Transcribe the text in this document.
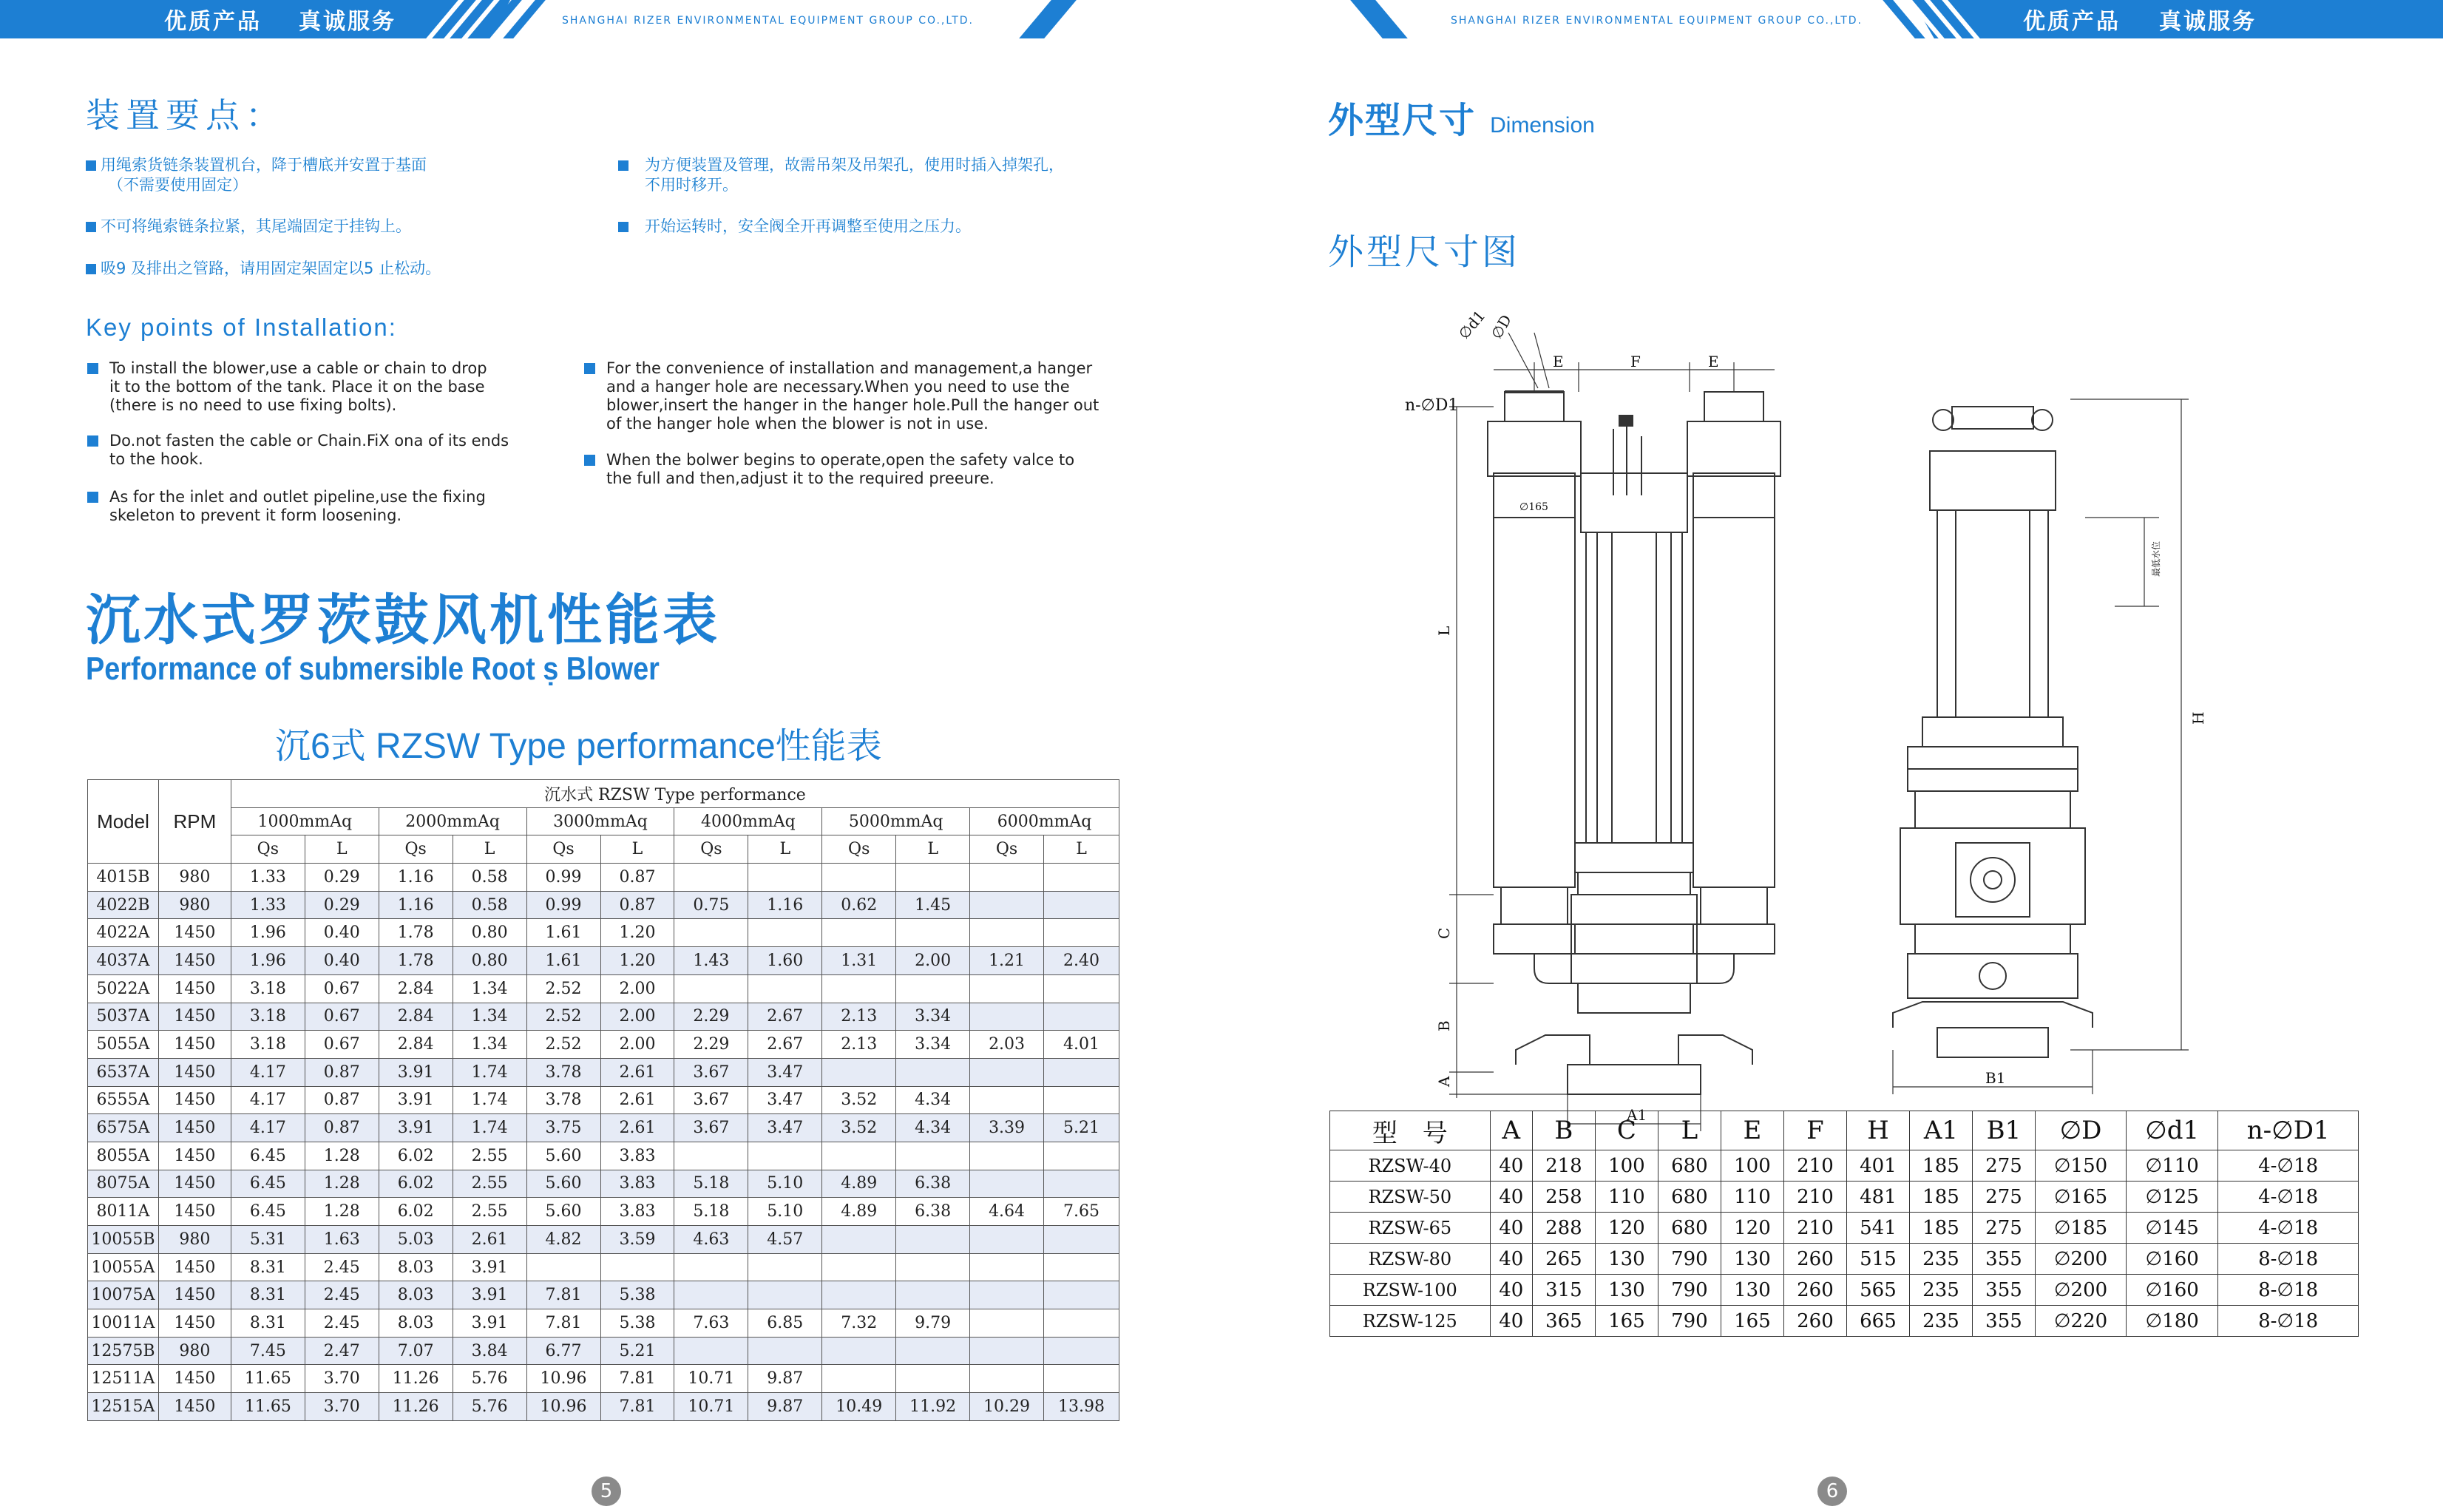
优质产品 真诚服务	SHANGHAI RIZER ENVIRONMENTAL EQUIPMENT GROUP CO.,LTD.	SHANGHAI RIZER ENVIRONMENTAL EQUIPMENT GROUP CO.,LTD.	优质产品 真诚服务
装置要点：
用绳索货链条装置机台，降于槽底并安置于基面
（不需要使用固定）
不可将绳索链条拉紧，其尾端固定于挂钩上。
吸9 及排出之管路，请用固定架固定以5 止松动。
为方便装置及管理，故需吊架及吊架孔，使用时插入掉架孔，
不用时移开。
开始运转时，安全阀全开再调整至使用之压力。
Key points of Installation:
To install the blower,use a cable or chain to drop
it to the bottom of the tank. Place it on the base
(there is no need to use fixing bolts).
Do.not fasten the cable or Chain.FiX ona of its ends
to the hook.
As for the inlet and outlet pipeline,use the fixing
skeleton to prevent it form loosening.
For the convenience of installation and management,a hanger
and a hanger hole are necessary.When you need to use the
blower,insert the hanger in the hanger hole.Pull the hanger out
of the hanger hole when the blower is not in use.
When the bolwer begins to operate,open the safety valce to
the full and then,adjust it to the required preeure.
沉水式罗茨鼓风机性能表
Performance of submersible Root ṣ Blower
沉6式 RZSW Type performance性能表
Model	RPM	沉水式 RZSW Type performance											
		1000mmAq		2000mmAq		3000mmAq		4000mmAq		5000mmAq		6000mmAq	
		Qs	L	Qs	L	Qs	L	Qs	L	Qs	L	Qs	L
4015B	980	1.33	0.29	1.16	0.58	0.99	0.87						
4022B	980	1.33	0.29	1.16	0.58	0.99	0.87	0.75	1.16	0.62	1.45		
4022A	1450	1.96	0.40	1.78	0.80	1.61	1.20						
4037A	1450	1.96	0.40	1.78	0.80	1.61	1.20	1.43	1.60	1.31	2.00	1.21	2.40
5022A	1450	3.18	0.67	2.84	1.34	2.52	2.00						
5037A	1450	3.18	0.67	2.84	1.34	2.52	2.00	2.29	2.67	2.13	3.34		
5055A	1450	3.18	0.67	2.84	1.34	2.52	2.00	2.29	2.67	2.13	3.34	2.03	4.01
6537A	1450	4.17	0.87	3.91	1.74	3.78	2.61	3.67	3.47				
6555A	1450	4.17	0.87	3.91	1.74	3.78	2.61	3.67	3.47	3.52	4.34		
6575A	1450	4.17	0.87	3.91	1.74	3.75	2.61	3.67	3.47	3.52	4.34	3.39	5.21
8055A	1450	6.45	1.28	6.02	2.55	5.60	3.83						
8075A	1450	6.45	1.28	6.02	2.55	5.60	3.83	5.18	5.10	4.89	6.38		
8011A	1450	6.45	1.28	6.02	2.55	5.60	3.83	5.18	5.10	4.89	6.38	4.64	7.65
10055B	980	5.31	1.63	5.03	2.61	4.82	3.59	4.63	4.57				
10055A	1450	8.31	2.45	8.03	3.91								
10075A	1450	8.31	2.45	8.03	3.91	7.81	5.38						
10011A	1450	8.31	2.45	8.03	3.91	7.81	5.38	7.63	6.85	7.32	9.79		
12575B	980	7.45	2.47	7.07	3.84	6.77	5.21						
12511A	1450	11.65	3.70	11.26	5.76	10.96	7.81	10.71	9.87				
12515A	1450	11.65	3.70	11.26	5.76	10.96	7.81	10.71	9.87	10.49	11.92	10.29	13.98
5
外型尺寸 Dimension
外型尺寸图
∅d1
∅D
E	F	E
n-∅D1
∅165
L
C
B
A
A1
B1
H
最低水位
型　号	A	B	C	L	E	F	H	A1	B1	∅D	∅d1	n-∅D1
RZSW-40	40	218	100	680	100	210	401	185	275	∅150	∅110	4-∅18
RZSW-50	40	258	110	680	110	210	481	185	275	∅165	∅125	4-∅18
RZSW-65	40	288	120	680	120	210	541	185	275	∅185	∅145	4-∅18
RZSW-80	40	265	130	790	130	260	515	235	355	∅200	∅160	8-∅18
RZSW-100	40	315	130	790	130	260	565	235	355	∅200	∅160	8-∅18
RZSW-125	40	365	165	790	165	260	665	235	355	∅220	∅180	8-∅18
6
